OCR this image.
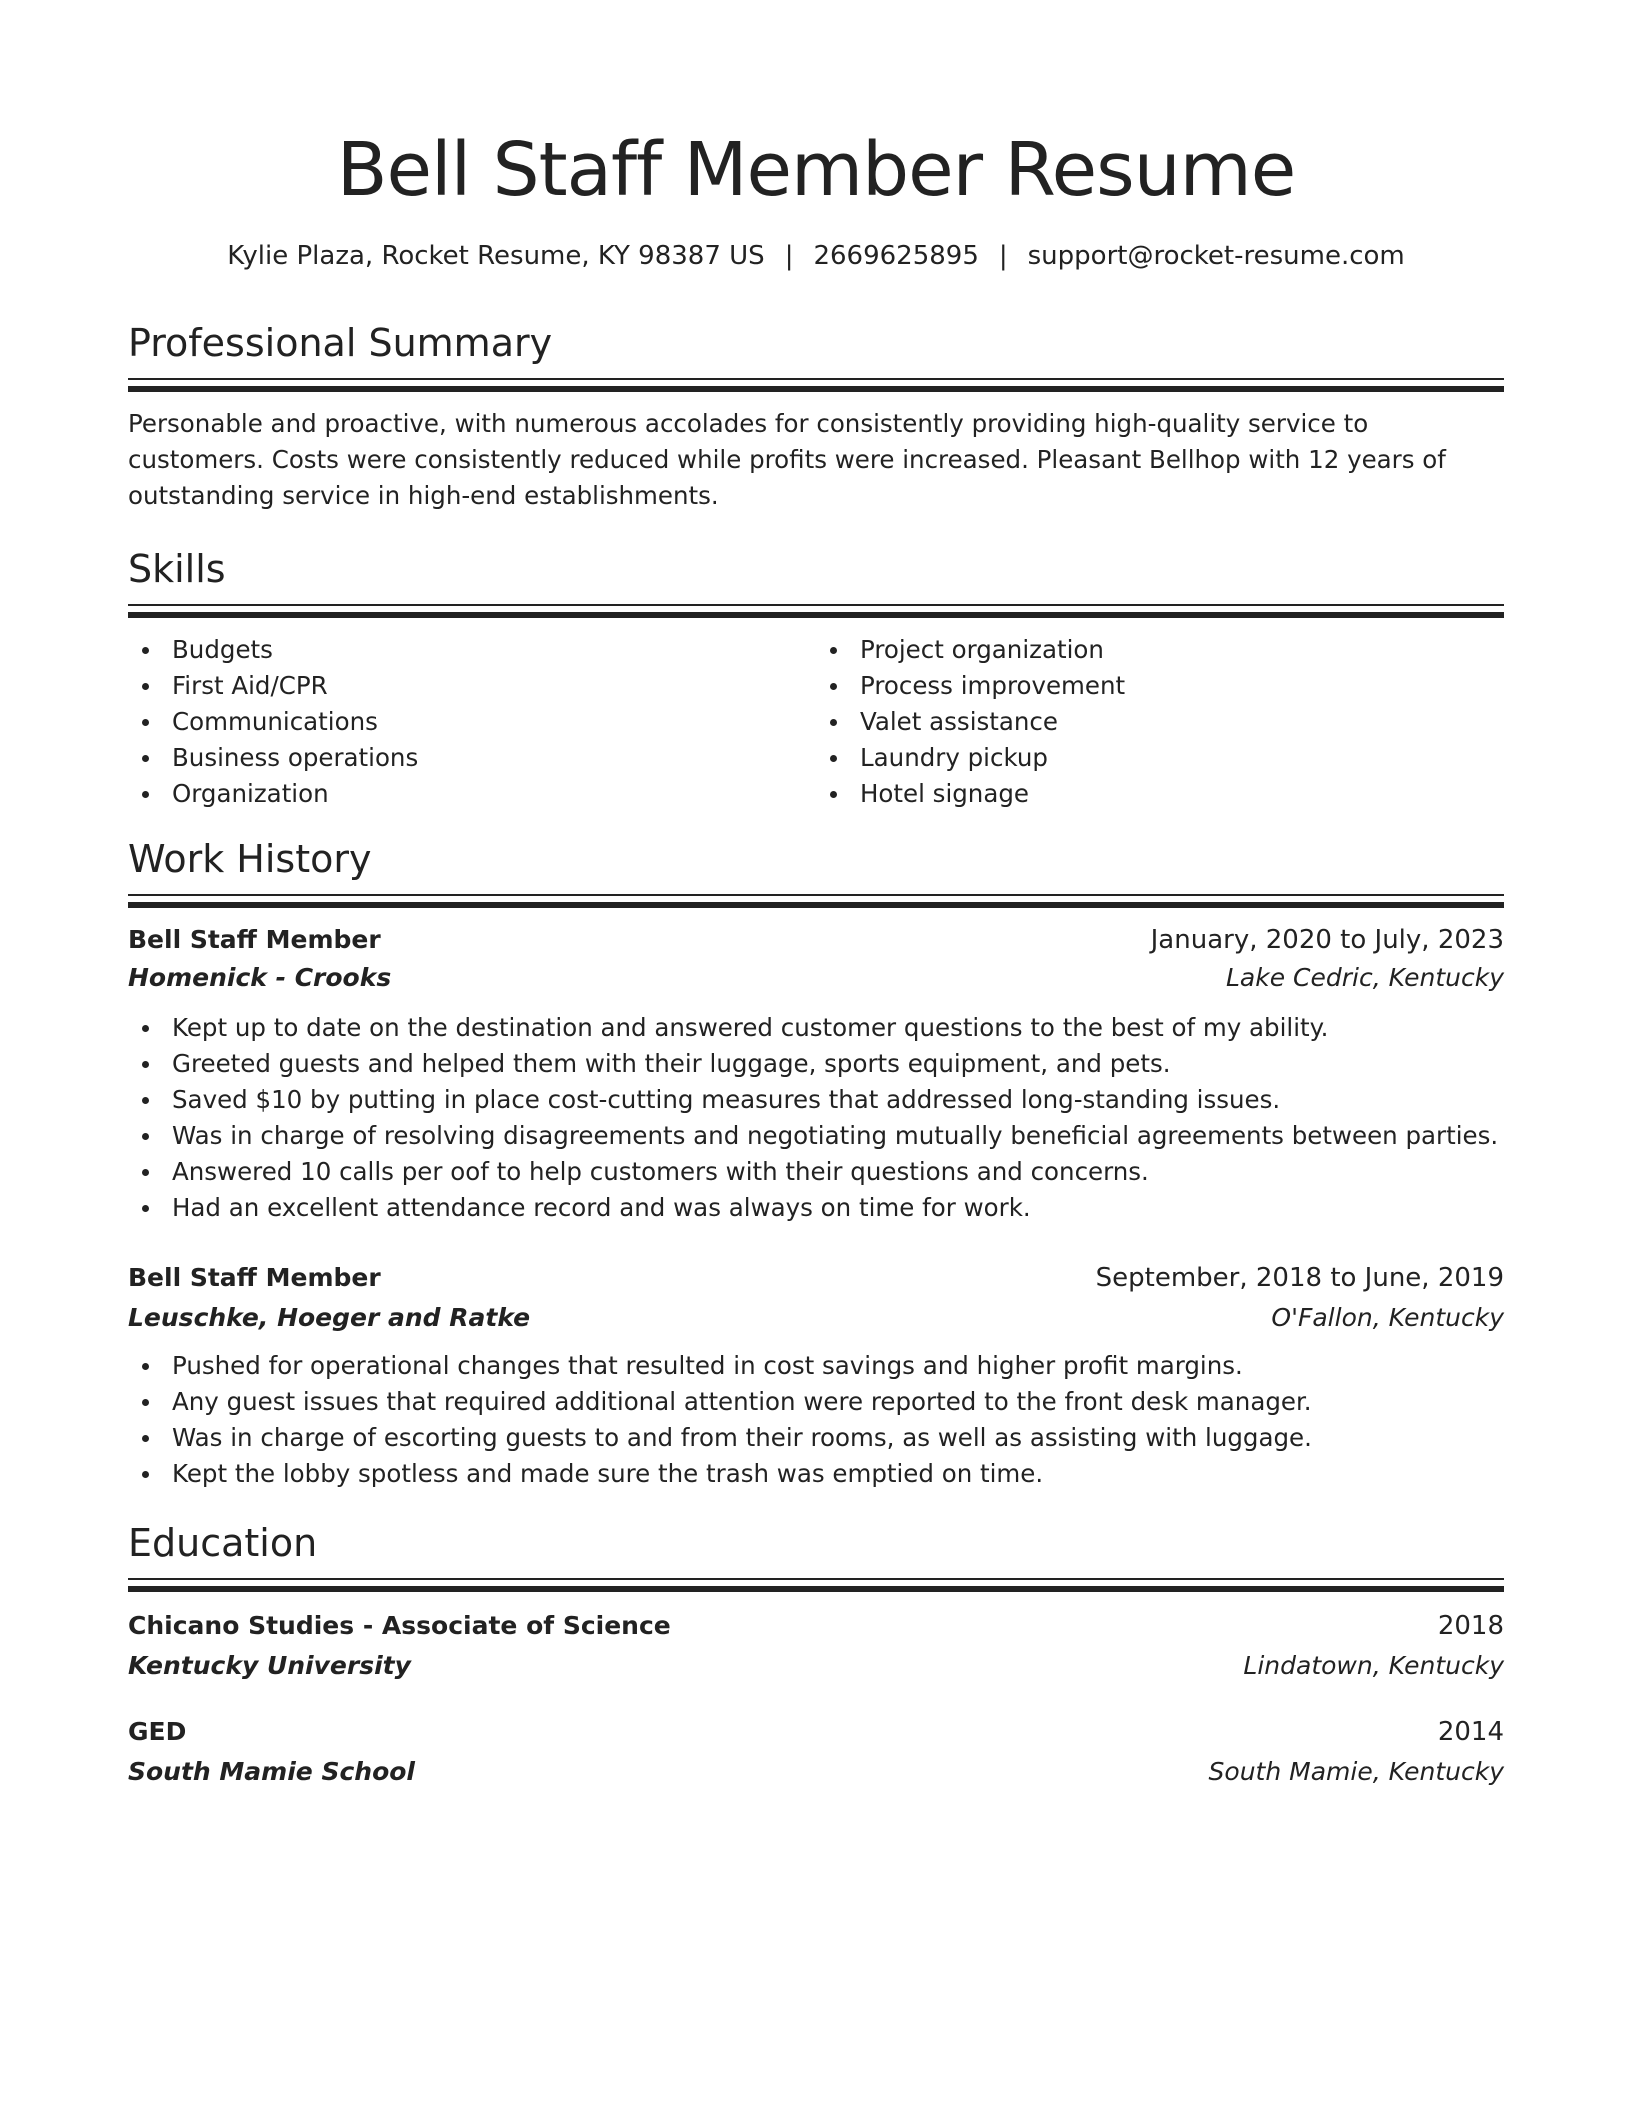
Bell Staff Member Resume
Kylie Plaza, Rocket Resume, KY 98387 US | 2669625895 | support@rocket-resume.com
Professional Summary

Personable and proactive, with numerous accolades for consistently providing high-quality service to customers. Costs were consistently reduced while profits were increased. Pleasant Bellhop with 12 years of outstanding service in high-end establishments.

Skills
Budgets
First Aid/CPR
Communications
Business operations
Organization
Project organization
Process improvement
Valet assistance
Laundry pickup
Hotel signage
Work History
Bell Staff Member	January, 2020 to July, 2023
Homenick - Crooks	Lake Cedric, Kentucky
Kept up to date on the destination and answered customer questions to the best of my ability.
Greeted guests and helped them with their luggage, sports equipment, and pets.
Saved $10 by putting in place cost-cutting measures that addressed long-standing issues.
Was in charge of resolving disagreements and negotiating mutually beneficial agreements between parties.
Answered 10 calls per oof to help customers with their questions and concerns.
Had an excellent attendance record and was always on time for work.
Bell Staff Member	September, 2018 to June, 2019
Leuschke, Hoeger and Ratke	O'Fallon, Kentucky
Pushed for operational changes that resulted in cost savings and higher profit margins.
Any guest issues that required additional attention were reported to the front desk manager.
Was in charge of escorting guests to and from their rooms, as well as assisting with luggage.
Kept the lobby spotless and made sure the trash was emptied on time.
Education
Chicano Studies - Associate of Science	2018
Kentucky University	Lindatown, Kentucky
GED	2014
South Mamie School	South Mamie, Kentucky
